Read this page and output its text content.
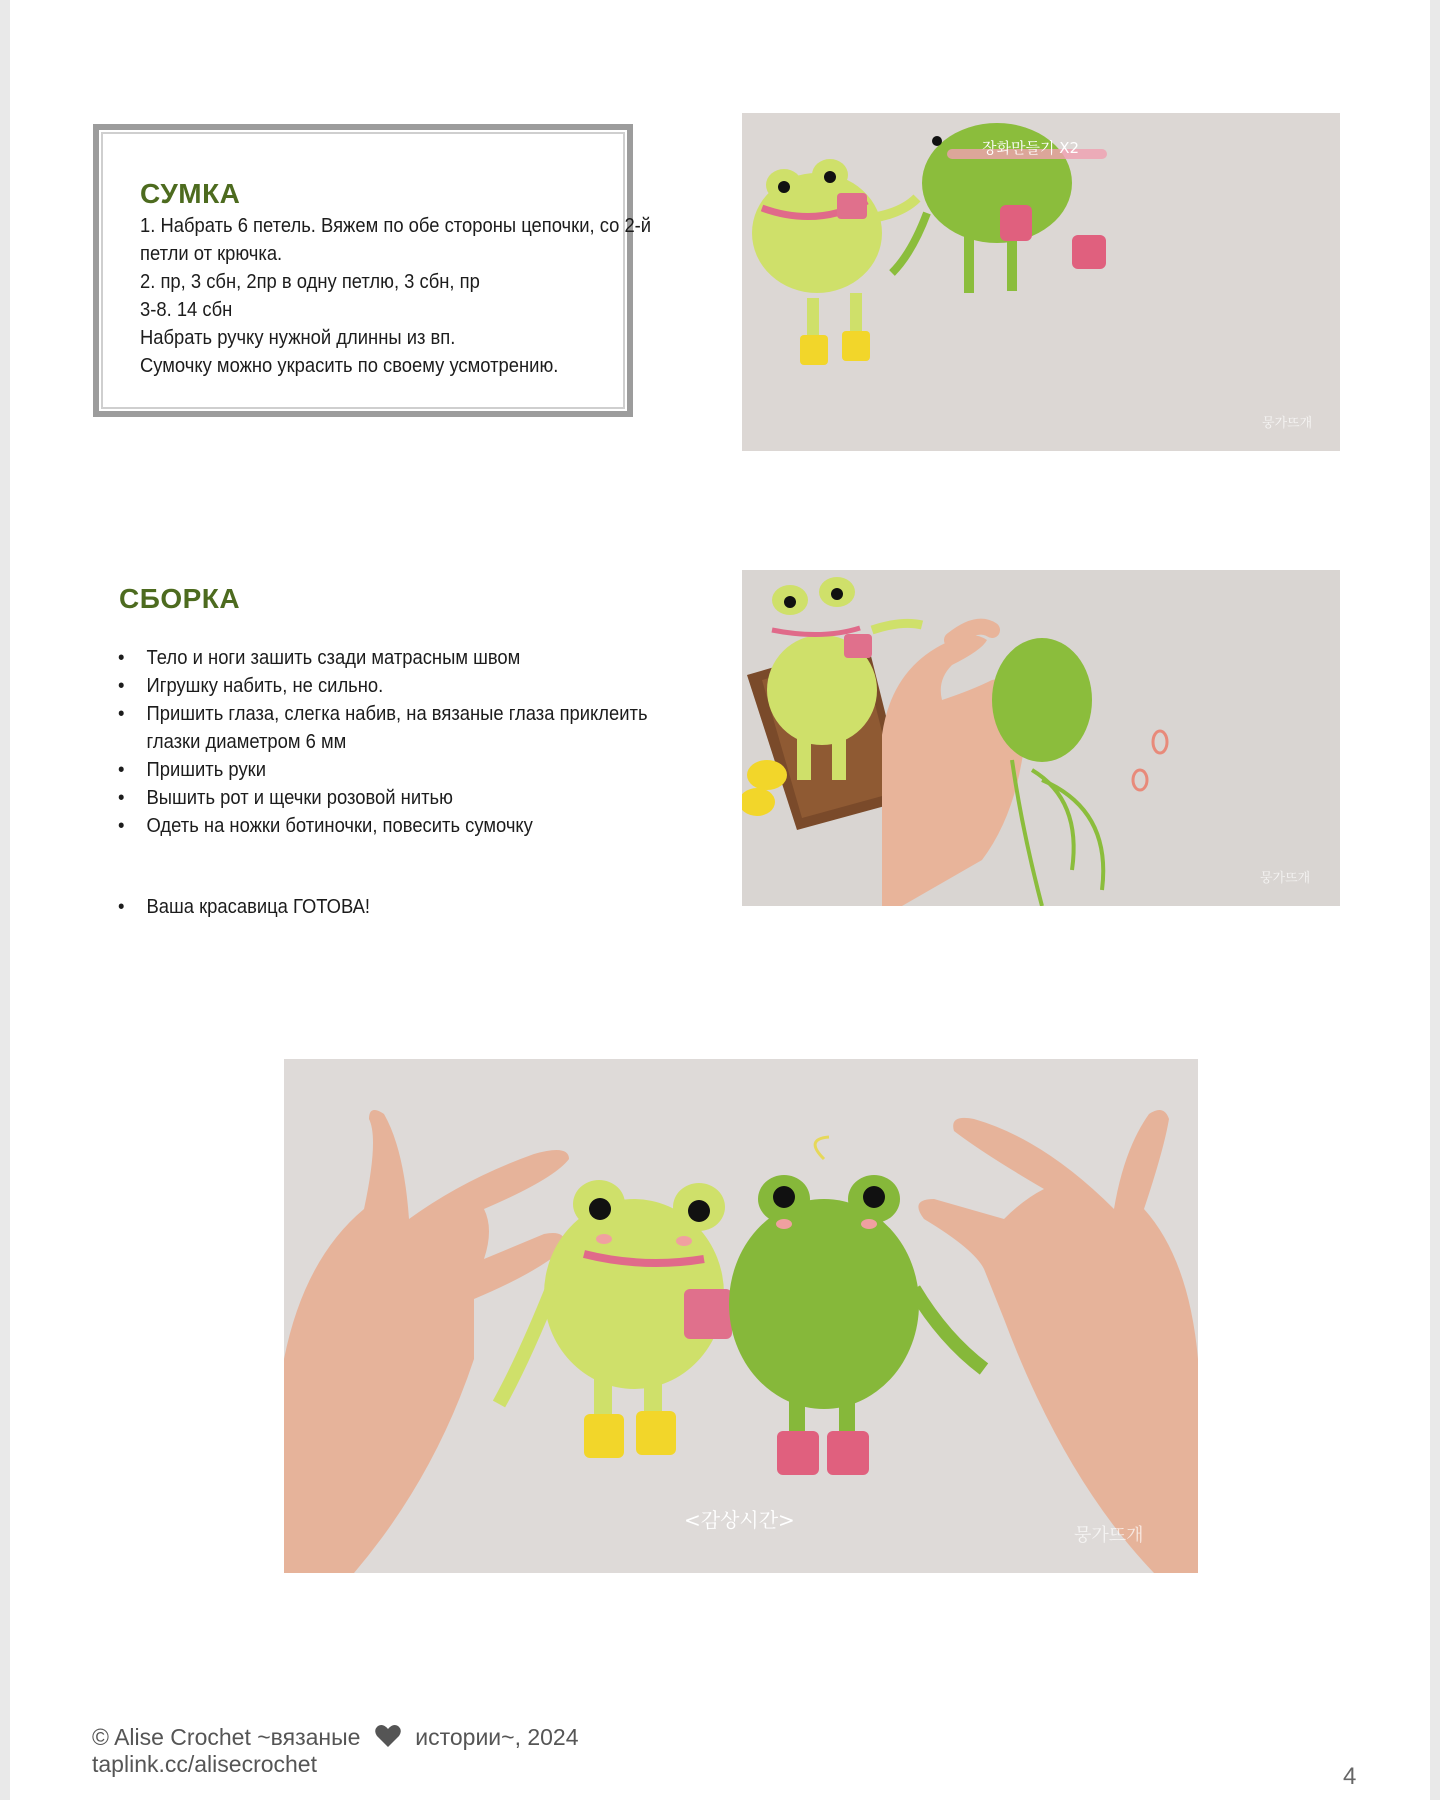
СУМКА
1. Набрать 6 петель. Вяжем по обе стороны цепочки, со 2-й
петли от крючка.
2. пр, 3 сбн, 2пр в одну петлю, 3 сбн, пр
3-8. 14 сбн
Набрать ручку нужной длинны из вп.
Сумочку можно украсить по своему усмотрению.
장화만들기 X2
뭉가뜨개
СБОРКА
• Тело и ноги зашить сзади матрасным швом
• Игрушку набить, не сильно.
• Пришить глаза, слегка набив, на вязаные глаза приклеить
глазки диаметром 6 мм
• Пришить руки
• Вышить рот и щечки розовой нитью
• Одеть на ножки ботиночки, повесить сумочку
• Ваша красавица ГОТОВА!
뭉가뜨개
<감상시간>
뭉가뜨개
© Alise Crochet ~вязаные истории~, 2024
taplink.cc/alisecrochet	4
